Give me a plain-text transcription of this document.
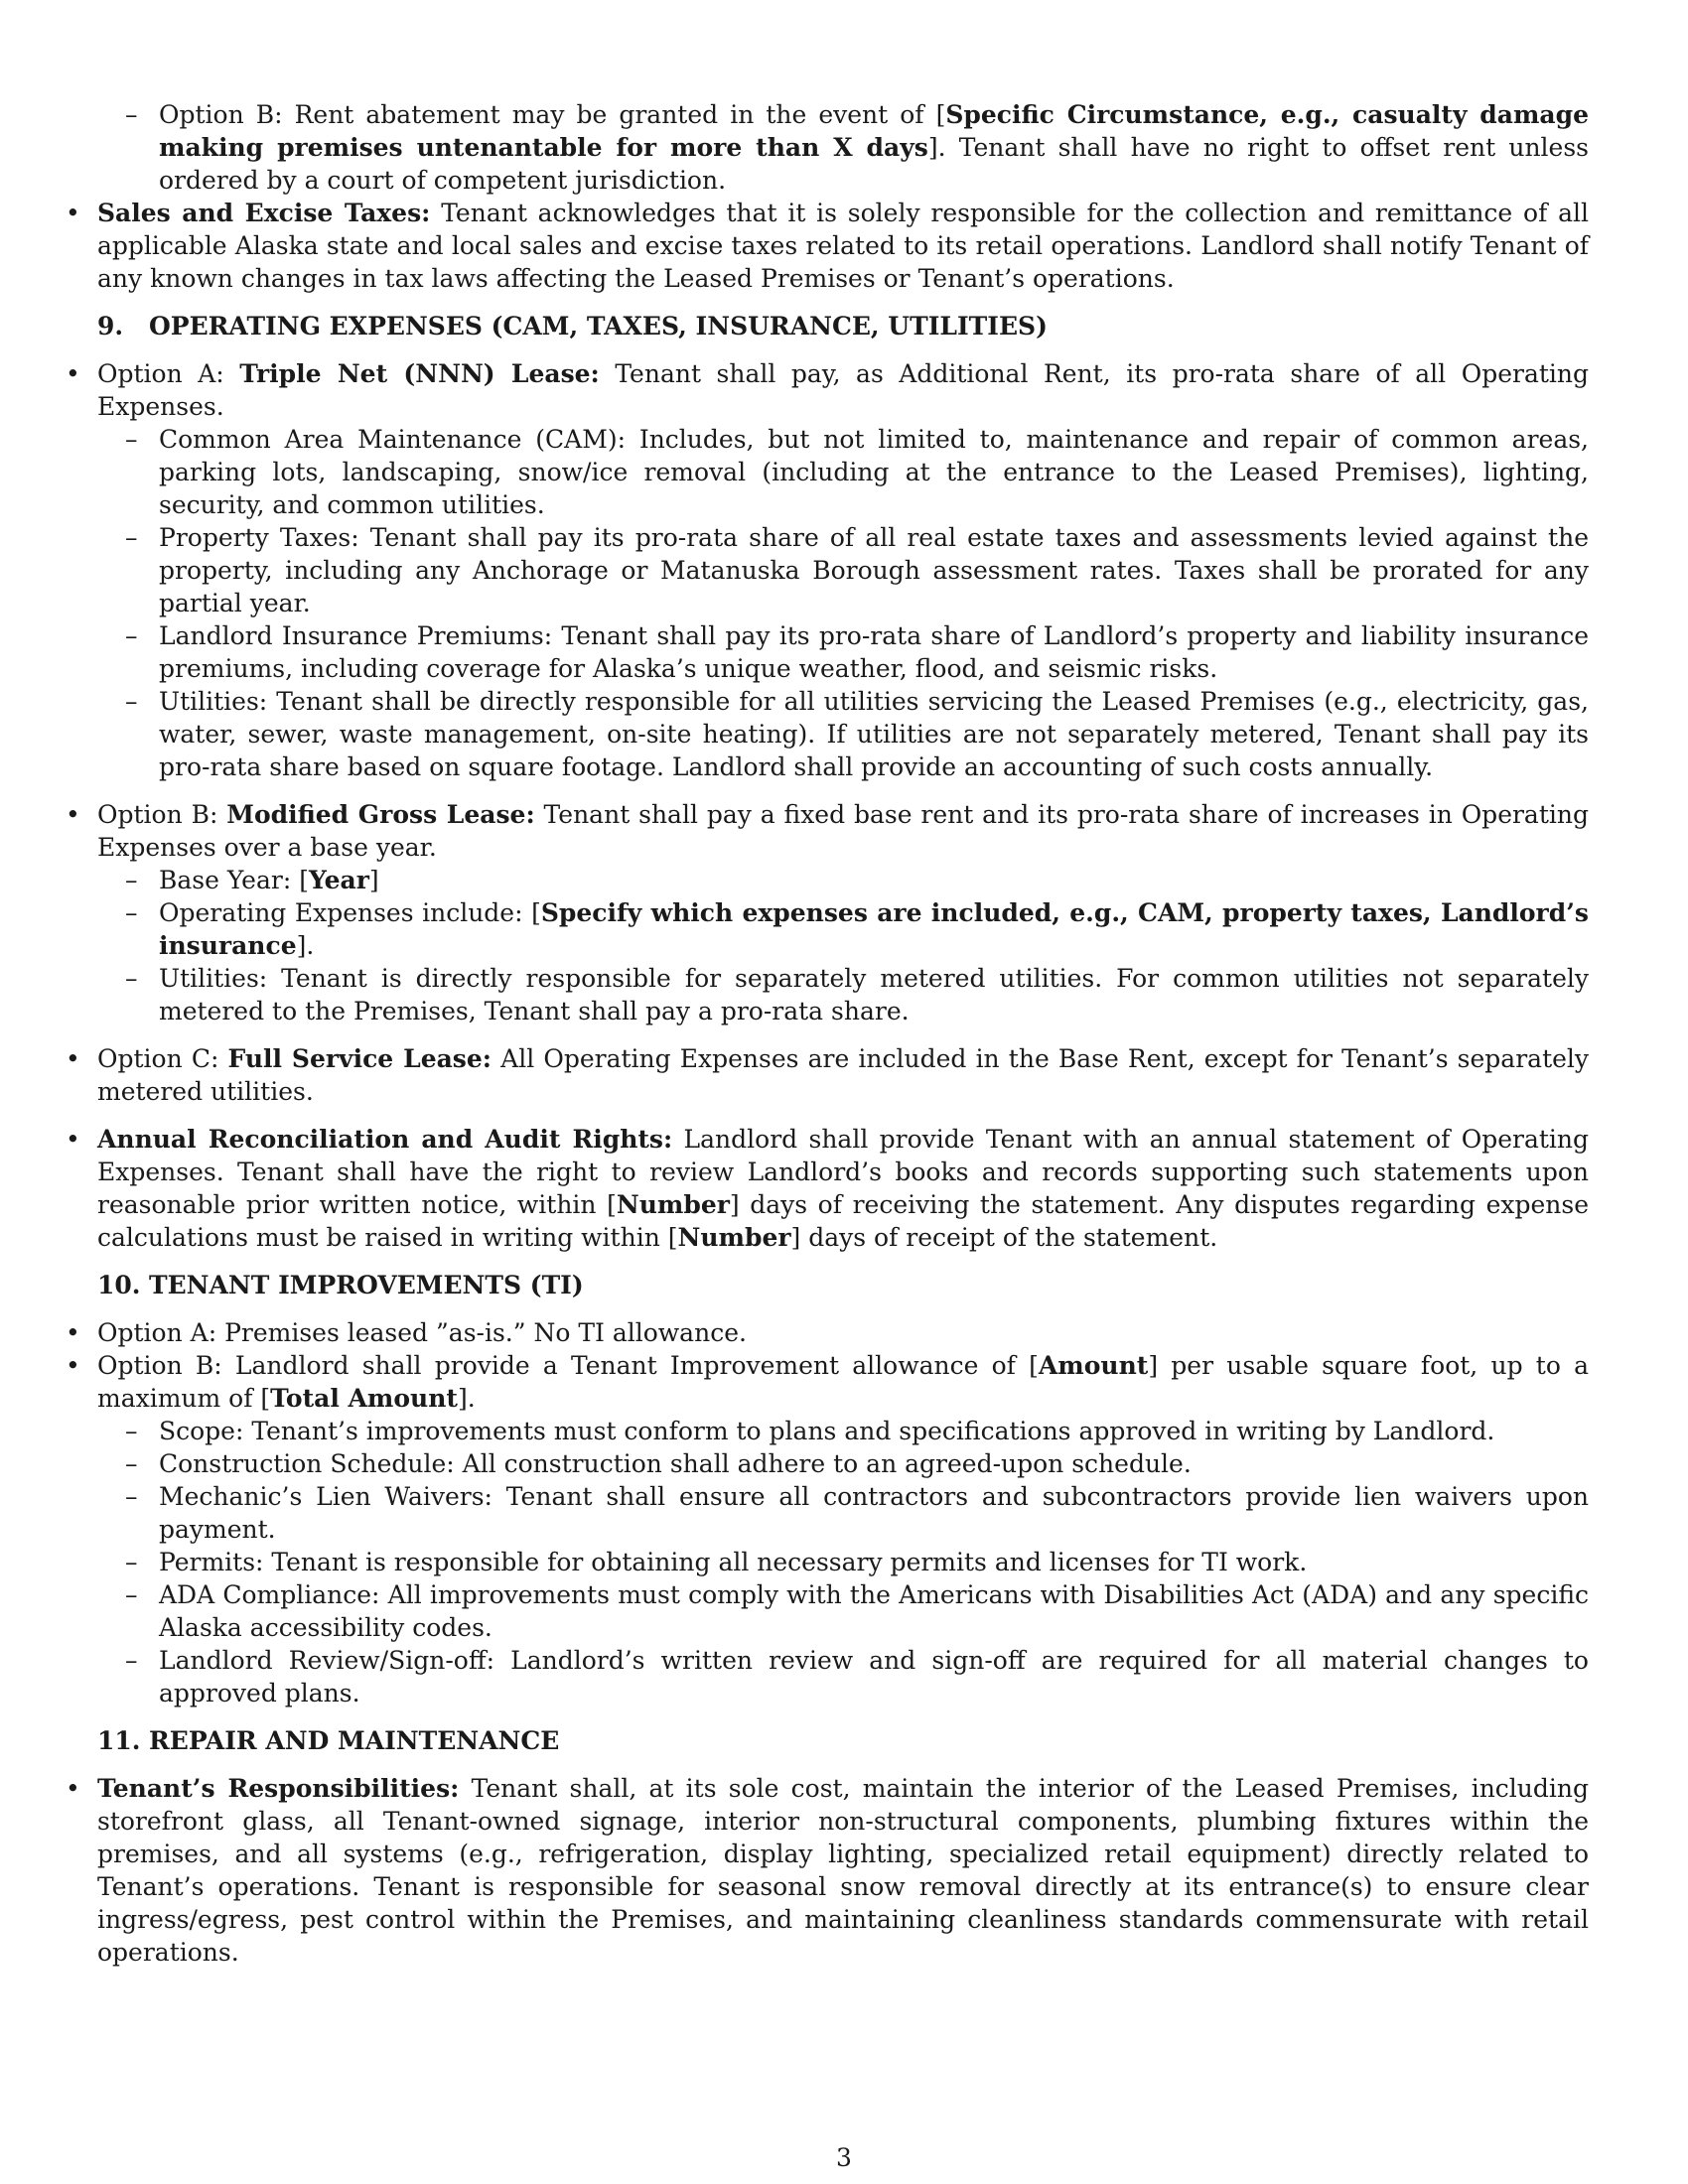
– Option B: Rent abatement may be granted in the event of [Specific Circumstance, e.g., casualty damage making premises untenantable for more than X days]. Tenant shall have no right to offset rent unless ordered by a court of competent jurisdiction.
• Sales and Excise Taxes: Tenant acknowledges that it is solely responsible for the collection and remittance of all applicable Alaska state and local sales and excise taxes related to its retail operations. Landlord shall notify Tenant of any known changes in tax laws affecting the Leased Premises or Tenant’s operations.
9. OPERATING EXPENSES (CAM, TAXES, INSURANCE, UTILITIES)
• Option A: Triple Net (NNN) Lease: Tenant shall pay, as Additional Rent, its pro-rata share of all Operating Expenses.
– Common Area Maintenance (CAM): Includes, but not limited to, maintenance and repair of common areas, parking lots, landscaping, snow/ice removal (including at the entrance to the Leased Premises), lighting, security, and common utilities.
– Property Taxes: Tenant shall pay its pro-rata share of all real estate taxes and assessments levied against the property, including any Anchorage or Matanuska Borough assessment rates. Taxes shall be prorated for any partial year.
– Landlord Insurance Premiums: Tenant shall pay its pro-rata share of Landlord’s property and liability insurance premiums, including coverage for Alaska’s unique weather, flood, and seismic risks.
– Utilities: Tenant shall be directly responsible for all utilities servicing the Leased Premises (e.g., electricity, gas, water, sewer, waste management, on-site heating). If utilities are not separately metered, Tenant shall pay its pro-rata share based on square footage. Landlord shall provide an accounting of such costs annually.
• Option B: Modified Gross Lease: Tenant shall pay a fixed base rent and its pro-rata share of increases in Operating Expenses over a base year.
– Base Year: [Year]
– Operating Expenses include: [Specify which expenses are included, e.g., CAM, property taxes, Landlord’s insurance].
– Utilities: Tenant is directly responsible for separately metered utilities. For common utilities not separately metered to the Premises, Tenant shall pay a pro-rata share.
• Option C: Full Service Lease: All Operating Expenses are included in the Base Rent, except for Tenant’s separately metered utilities.
• Annual Reconciliation and Audit Rights: Landlord shall provide Tenant with an annual statement of Operating Expenses. Tenant shall have the right to review Landlord’s books and records supporting such statements upon reasonable prior written notice, within [Number] days of receiving the statement. Any disputes regarding expense calculations must be raised in writing within [Number] days of receipt of the statement.
10. TENANT IMPROVEMENTS (TI)
• Option A: Premises leased ”as-is.” No TI allowance.
• Option B: Landlord shall provide a Tenant Improvement allowance of [Amount] per usable square foot, up to a maximum of [Total Amount].
– Scope: Tenant’s improvements must conform to plans and specifications approved in writing by Landlord.
– Construction Schedule: All construction shall adhere to an agreed-upon schedule.
– Mechanic’s Lien Waivers: Tenant shall ensure all contractors and subcontractors provide lien waivers upon payment.
– Permits: Tenant is responsible for obtaining all necessary permits and licenses for TI work.
– ADA Compliance: All improvements must comply with the Americans with Disabilities Act (ADA) and any specific Alaska accessibility codes.
– Landlord Review/Sign-off: Landlord’s written review and sign-off are required for all material changes to approved plans.
11. REPAIR AND MAINTENANCE
• Tenant’s Responsibilities: Tenant shall, at its sole cost, maintain the interior of the Leased Premises, including storefront glass, all Tenant-owned signage, interior non-structural components, plumbing fixtures within the premises, and all systems (e.g., refrigeration, display lighting, specialized retail equipment) directly related to Tenant’s operations. Tenant is responsible for seasonal snow removal directly at its entrance(s) to ensure clear ingress/egress, pest control within the Premises, and maintaining cleanliness standards commensurate with retail operations.
3
